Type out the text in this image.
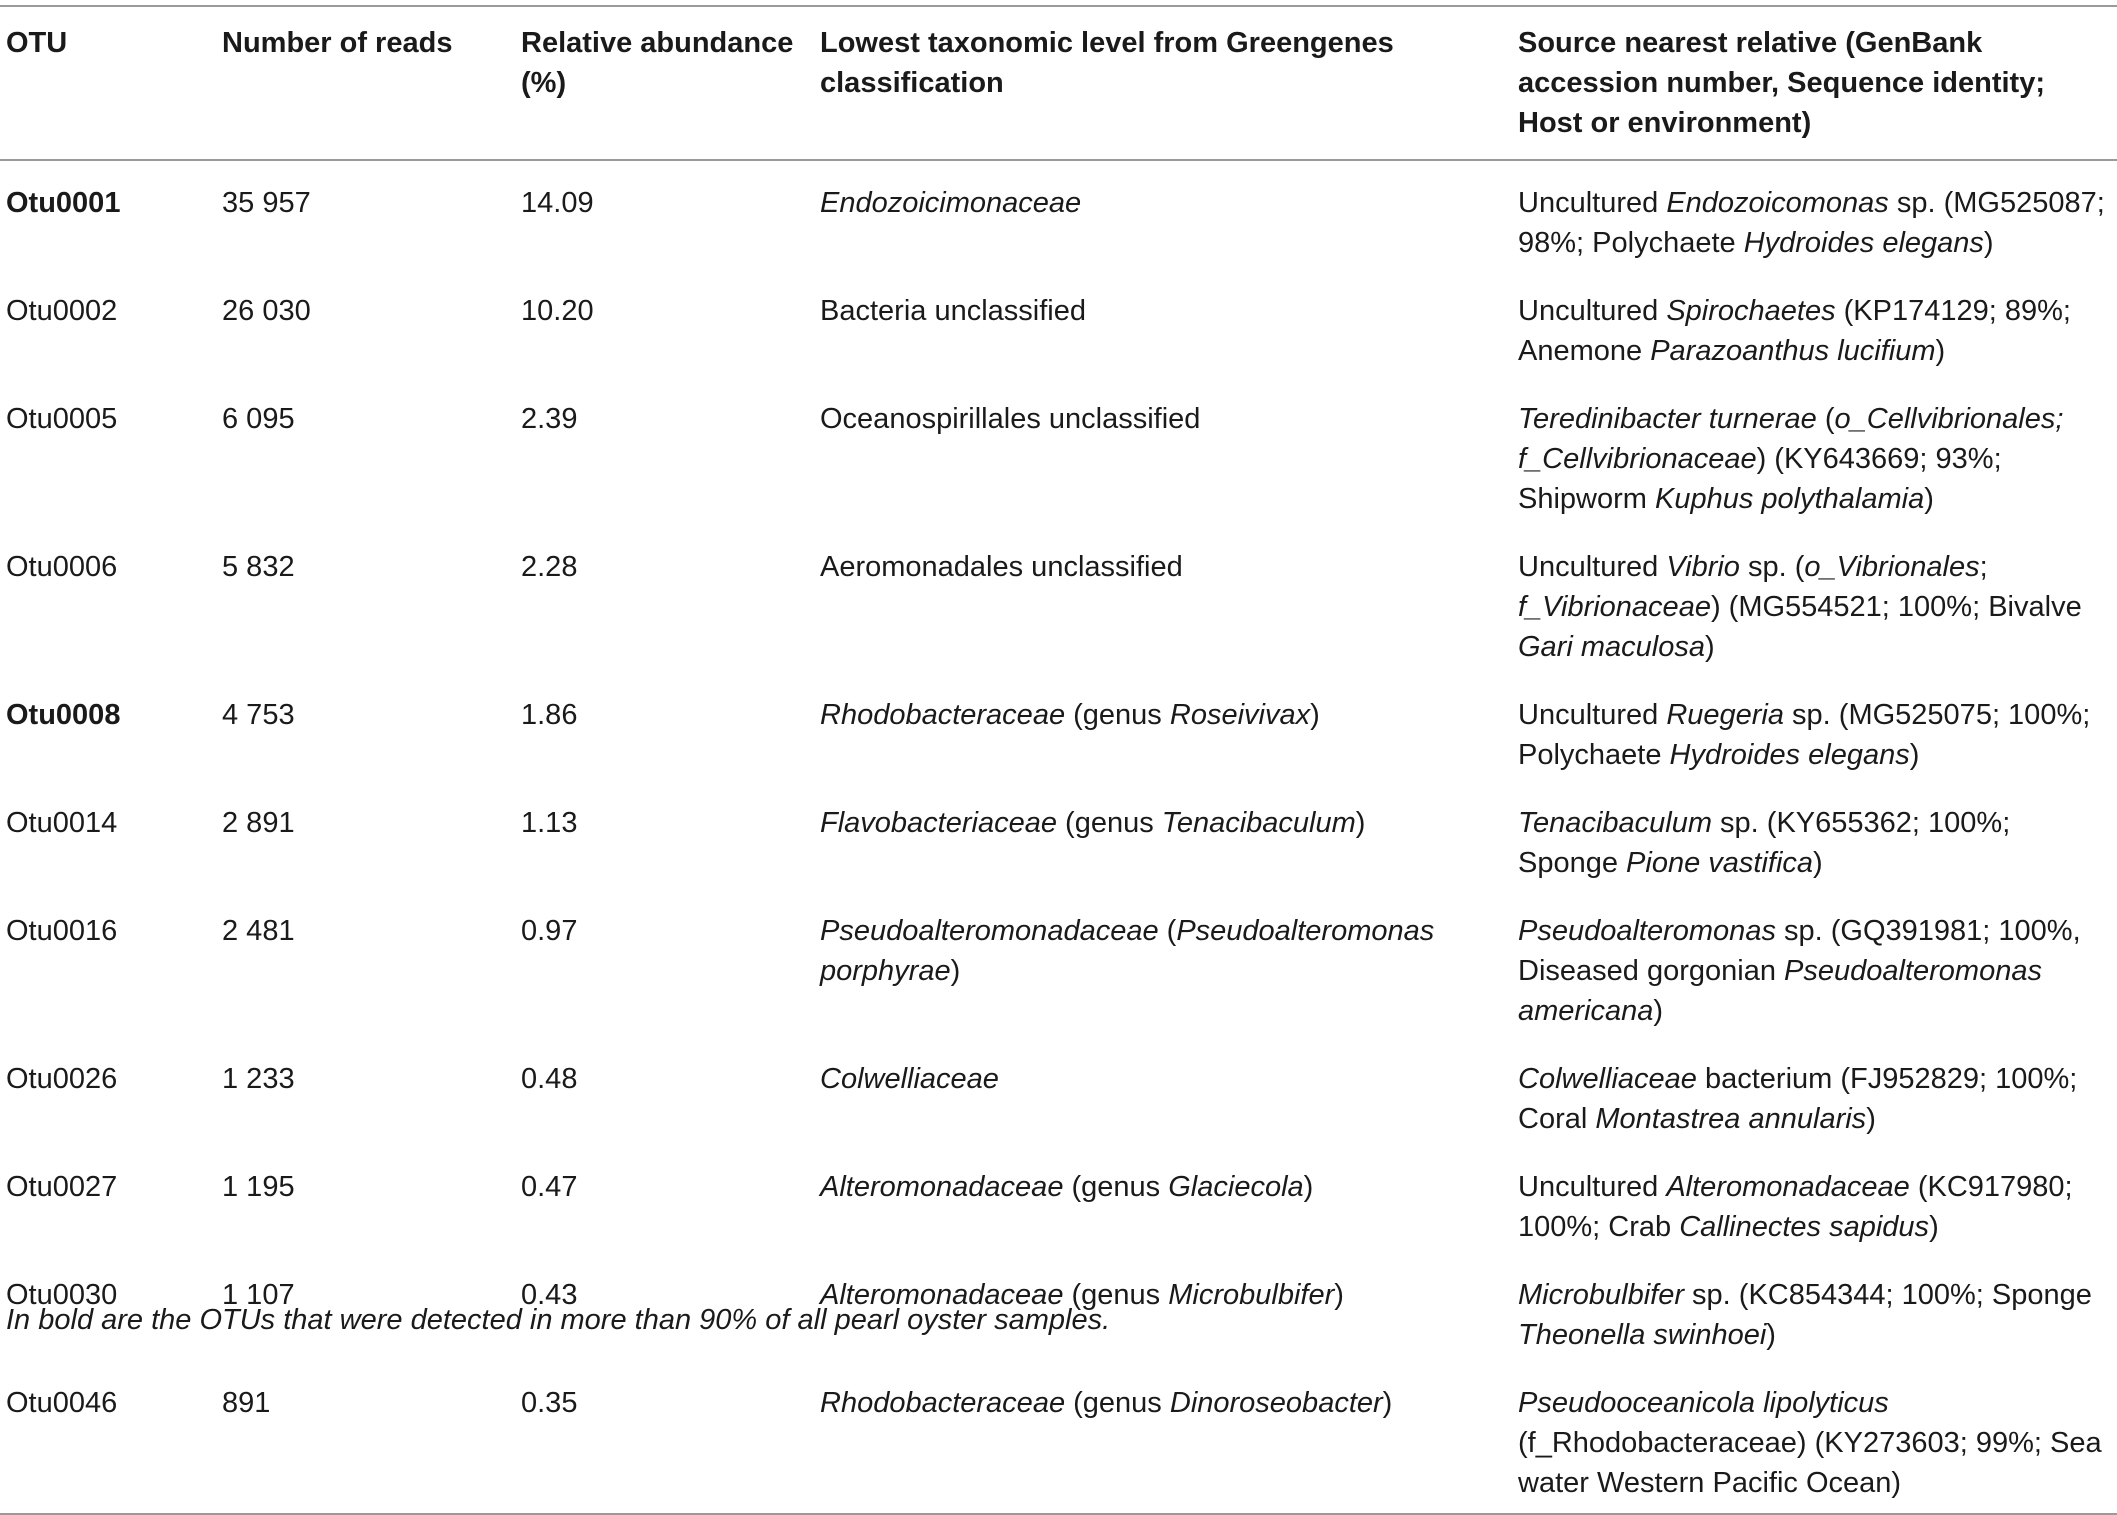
OTU	Number of reads	Relative abundance (%)	Lowest taxonomic level from Greengenes classification	Source nearest relative (GenBank accession number, Sequence identity; Host or environment)
Otu0001	35 957	14.09	Endozoicimonaceae	Uncultured Endozoicomonas sp. (MG525087; 98%; Polychaete Hydroides elegans)
Otu0002	26 030	10.20	Bacteria unclassified	Uncultured Spirochaetes (KP174129; 89%; Anemone Parazoanthus lucifium)
Otu0005	6 095	2.39	Oceanospirillales unclassified	Teredinibacter turnerae (o_Cellvibrionales; f_Cellvibrionaceae) (KY643669; 93%; Shipworm Kuphus polythalamia)
Otu0006	5 832	2.28	Aeromonadales unclassified	Uncultured Vibrio sp. (o_Vibrionales; f_Vibrionaceae) (MG554521; 100%; Bivalve Gari maculosa)
Otu0008	4 753	1.86	Rhodobacteraceae (genus Roseivivax)	Uncultured Ruegeria sp. (MG525075; 100%; Polychaete Hydroides elegans)
Otu0014	2 891	1.13	Flavobacteriaceae (genus Tenacibaculum)	Tenacibaculum sp. (KY655362; 100%; Sponge Pione vastifica)
Otu0016	2 481	0.97	Pseudoalteromonadaceae (Pseudoalteromonas porphyrae)	Pseudoalteromonas sp. (GQ391981; 100%, Diseased gorgonian Pseudoalteromonas americana)
Otu0026	1 233	0.48	Colwelliaceae	Colwelliaceae bacterium (FJ952829; 100%; Coral Montastrea annularis)
Otu0027	1 195	0.47	Alteromonadaceae (genus Glaciecola)	Uncultured Alteromonadaceae (KC917980; 100%; Crab Callinectes sapidus)
Otu0030	1 107	0.43	Alteromonadaceae (genus Microbulbifer)	Microbulbifer sp. (KC854344; 100%; Sponge Theonella swinhoei)
Otu0046	891	0.35	Rhodobacteraceae (genus Dinoroseobacter)	Pseudooceanicola lipolyticus (f_Rhodobacteraceae) (KY273603; 99%; Sea water Western Pacific Ocean)
In bold are the OTUs that were detected in more than 90% of all pearl oyster samples.
